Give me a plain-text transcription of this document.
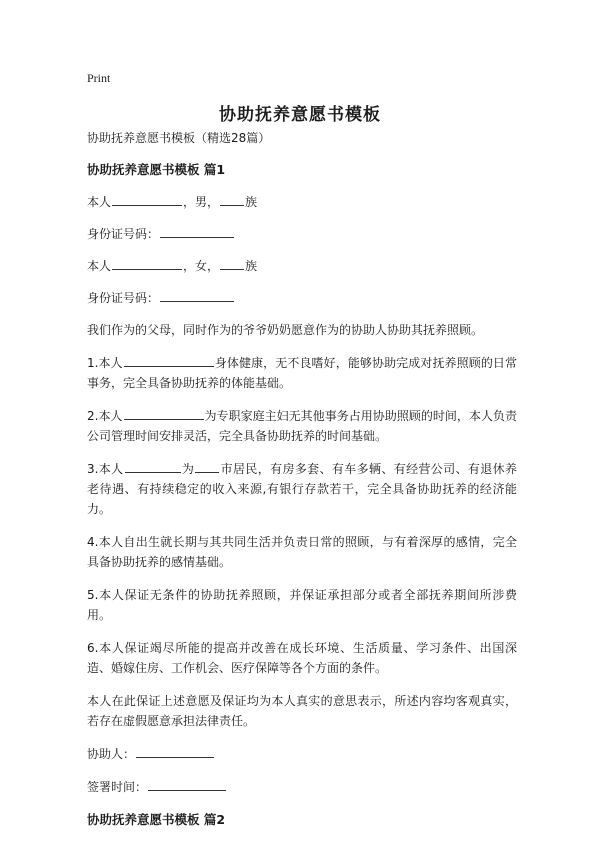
Print
协助抚养意愿书模板

协助抚养意愿书模板（精选28篇）

协助抚养意愿书模板 篇1

本人	，男， 族

身份证号码：

本人	，女， 族

身份证号码：

我们作为的父母，同时作为的爷爷奶奶愿意作为的协助人协助其抚养照顾。

1.本人	身体健康，无不良嗜好，能够协助完成对抚养照顾的日常事务，完全具备协助抚养的体能基础。

2.本人	为专职家庭主妇无其他事务占用协助照顾的时间，本人负责公司管理时间安排灵活，完全具备协助抚养的时间基础。

3.本人	为 市居民，有房多套、有车多辆、有经营公司、有退休养老待遇、有持续稳定的收入来源,有银行存款若干，完全具备协助抚养的经济能力。

4.本人自出生就长期与其共同生活并负责日常的照顾，与有着深厚的感情，完全具备协助抚养的感情基础。

5.本人保证无条件的协助抚养照顾，并保证承担部分或者全部抚养期间所涉费用。

6.本人保证竭尽所能的提高并改善在成长环境、生活质量、学习条件、出国深造、婚嫁住房、工作机会、医疗保障等各个方面的条件。

本人在此保证上述意愿及保证均为本人真实的意思表示，所述内容均客观真实，若存在虚假愿意承担法律责任。

协助人：

签署时间：

协助抚养意愿书模板 篇2
